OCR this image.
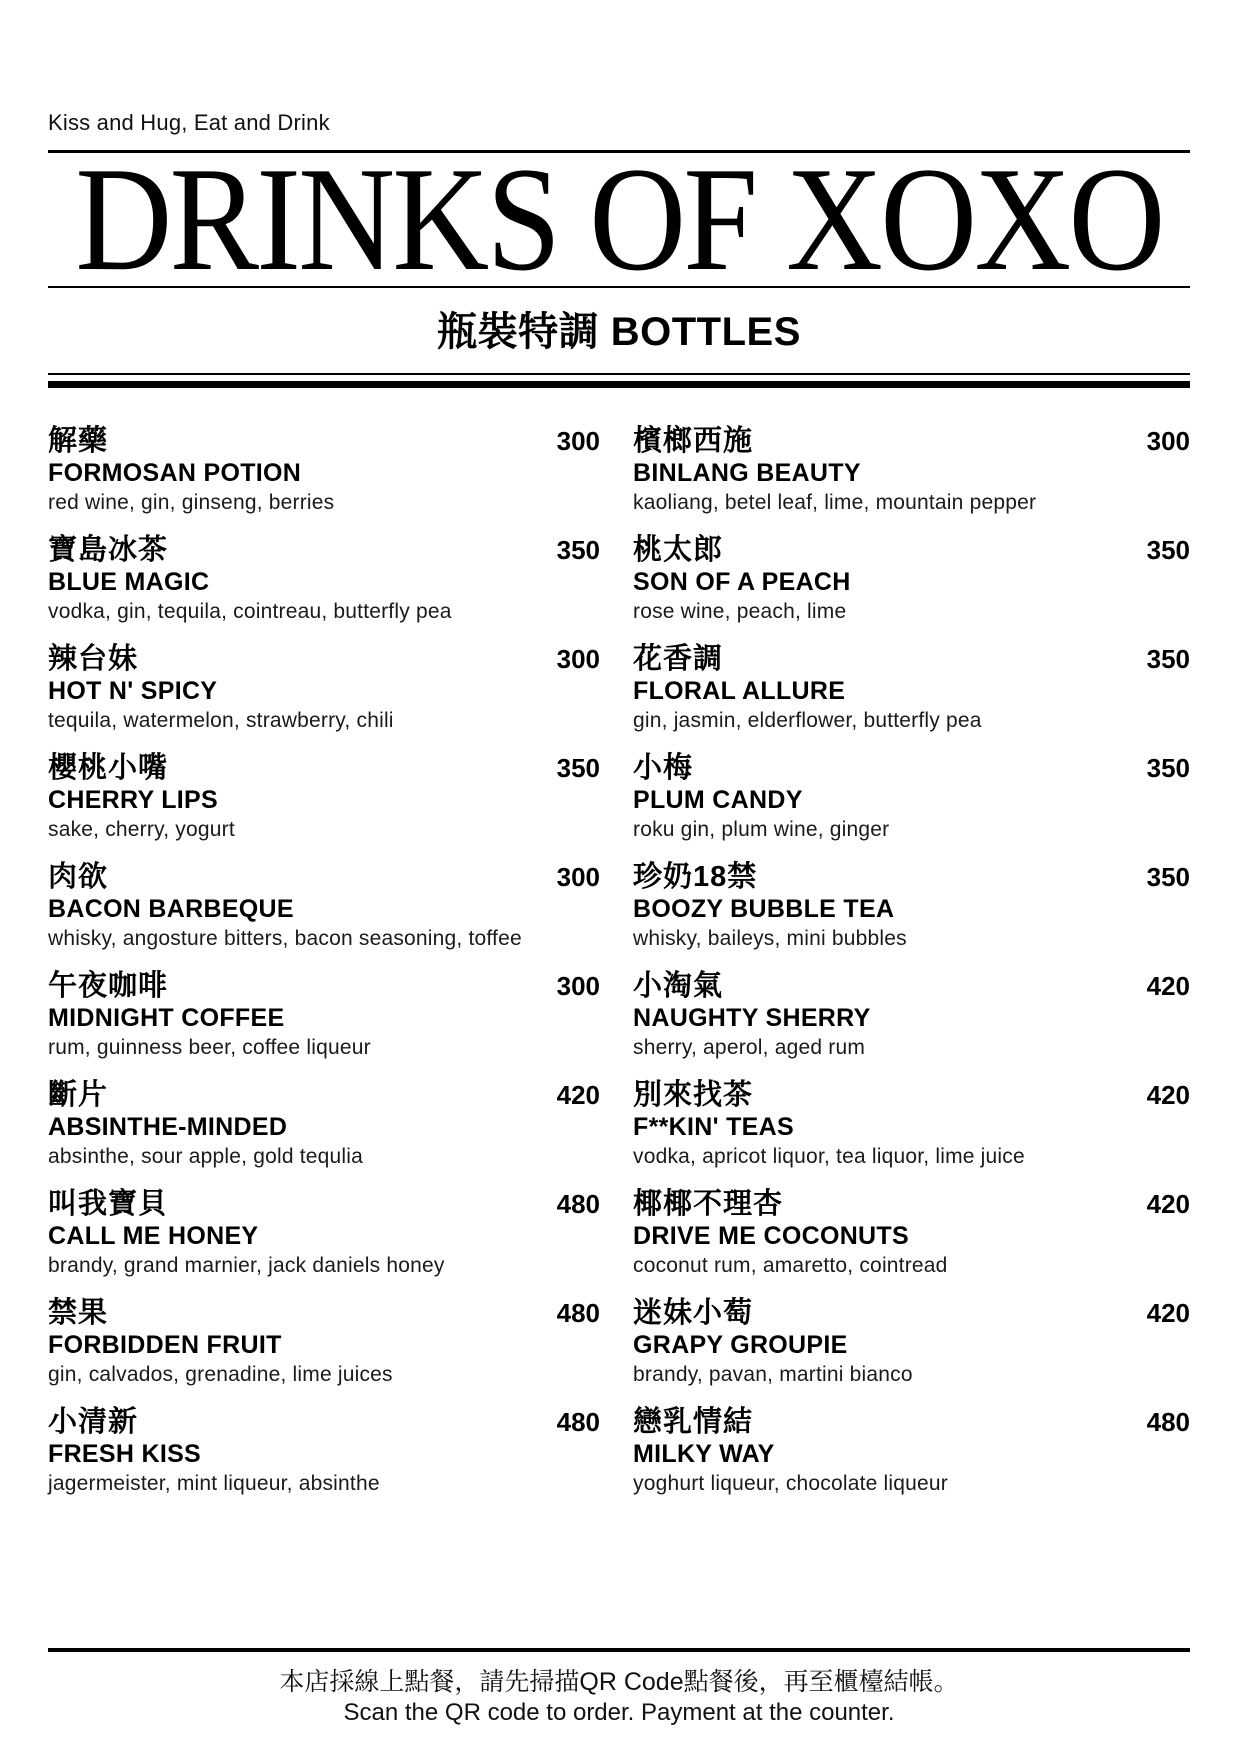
Kiss and Hug, Eat and Drink
DRINKS OF XOXO
瓶裝特調 BOTTLES
解藥
FORMOSAN POTION
red wine, gin, ginseng, berries
300
寶島冰茶
BLUE MAGIC
vodka, gin, tequila, cointreau, butterfly pea
350
辣台妹
HOT N' SPICY
tequila, watermelon, strawberry, chili
300
櫻桃小嘴
CHERRY LIPS
sake, cherry, yogurt
350
肉欲
BACON BARBEQUE
whisky, angosture bitters, bacon seasoning, toffee
300
午夜咖啡
MIDNIGHT COFFEE
rum, guinness beer, coffee liqueur
300
斷片
ABSINTHE-MINDED
absinthe, sour apple, gold tequlia
420
叫我寶貝
CALL ME HONEY
brandy, grand marnier, jack daniels honey
480
禁果
FORBIDDEN FRUIT
gin, calvados, grenadine, lime juices
480
小清新
FRESH KISS
jagermeister, mint liqueur, absinthe
480
檳榔西施
BINLANG BEAUTY
kaoliang, betel leaf, lime, mountain pepper
300
桃太郎
SON OF A PEACH
rose wine, peach, lime
350
花香調
FLORAL ALLURE
gin, jasmin, elderflower, butterfly pea
350
小梅
PLUM CANDY
roku gin, plum wine, ginger
350
珍奶18禁
BOOZY BUBBLE TEA
whisky, baileys, mini bubbles
350
小淘氣
NAUGHTY SHERRY
sherry, aperol, aged rum
420
別來找茶
F**KIN' TEAS
vodka, apricot liquor, tea liquor, lime juice
420
椰椰不理杏
DRIVE ME COCONUTS
coconut rum, amaretto, cointread
420
迷妹小萄
GRAPY GROUPIE
brandy, pavan, martini bianco
420
戀乳情結
MILKY WAY
yoghurt liqueur, chocolate liqueur
480
本店採線上點餐，請先掃描QR Code點餐後，再至櫃檯結帳。
Scan the QR code to order. Payment at the counter.
